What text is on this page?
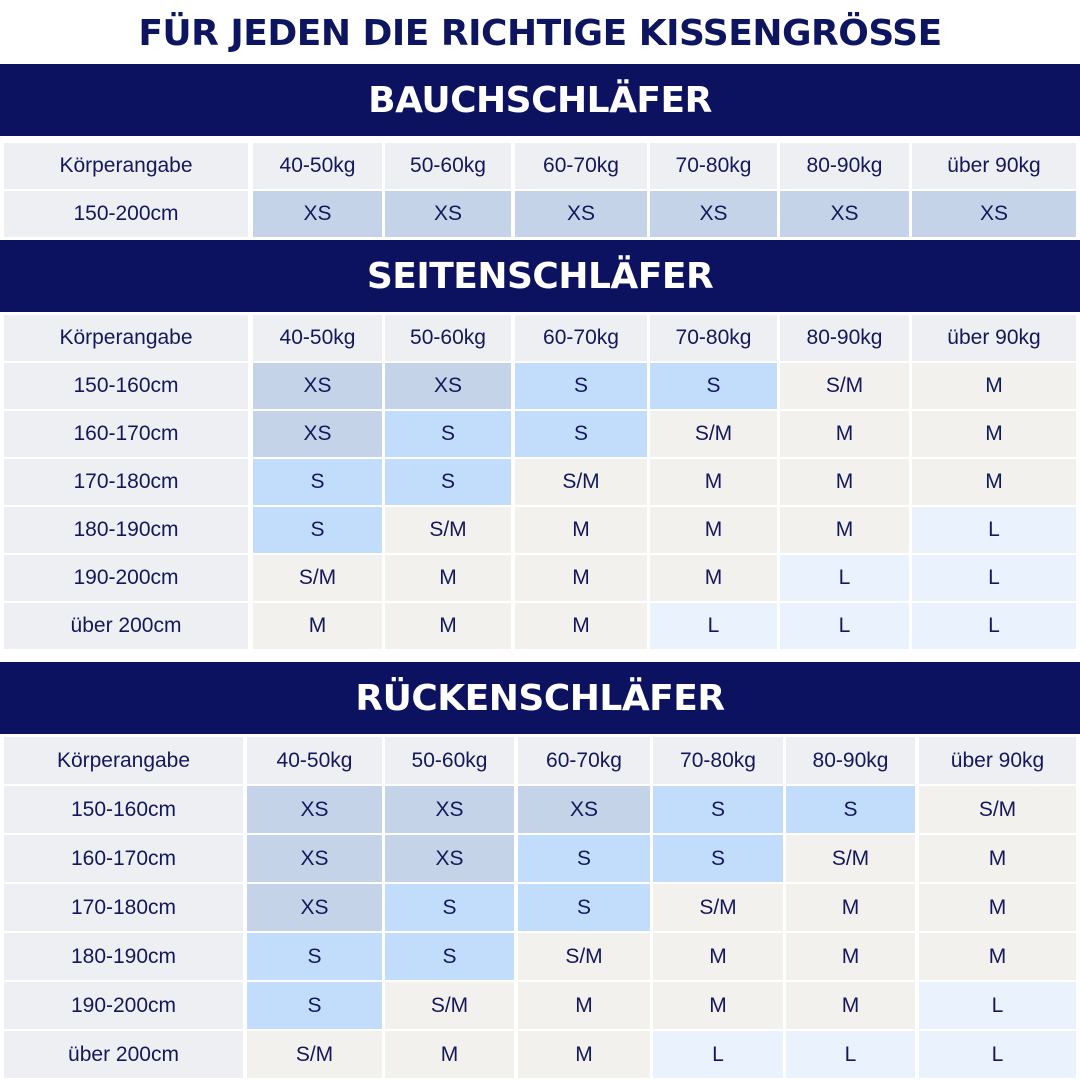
FÜR JEDEN DIE RICHTIGE KISSENGRÖSSE
BAUCHSCHLÄFER
Körperangabe	40-50kg	50-60kg	60-70kg	70-80kg	80-90kg	über 90kg
150-200cm	XS	XS	XS	XS	XS	XS
SEITENSCHLÄFER
Körperangabe	40-50kg	50-60kg	60-70kg	70-80kg	80-90kg	über 90kg
150-160cm	XS	XS	S	S	S/M	M
160-170cm	XS	S	S	S/M	M	M
170-180cm	S	S	S/M	M	M	M
180-190cm	S	S/M	M	M	M	L
190-200cm	S/M	M	M	M	L	L
über 200cm	M	M	M	L	L	L
RÜCKENSCHLÄFER
Körperangabe	40-50kg	50-60kg	60-70kg	70-80kg	80-90kg	über 90kg
150-160cm	XS	XS	XS	S	S	S/M
160-170cm	XS	XS	S	S	S/M	M
170-180cm	XS	S	S	S/M	M	M
180-190cm	S	S	S/M	M	M	M
190-200cm	S	S/M	M	M	M	L
über 200cm	S/M	M	M	L	L	L
